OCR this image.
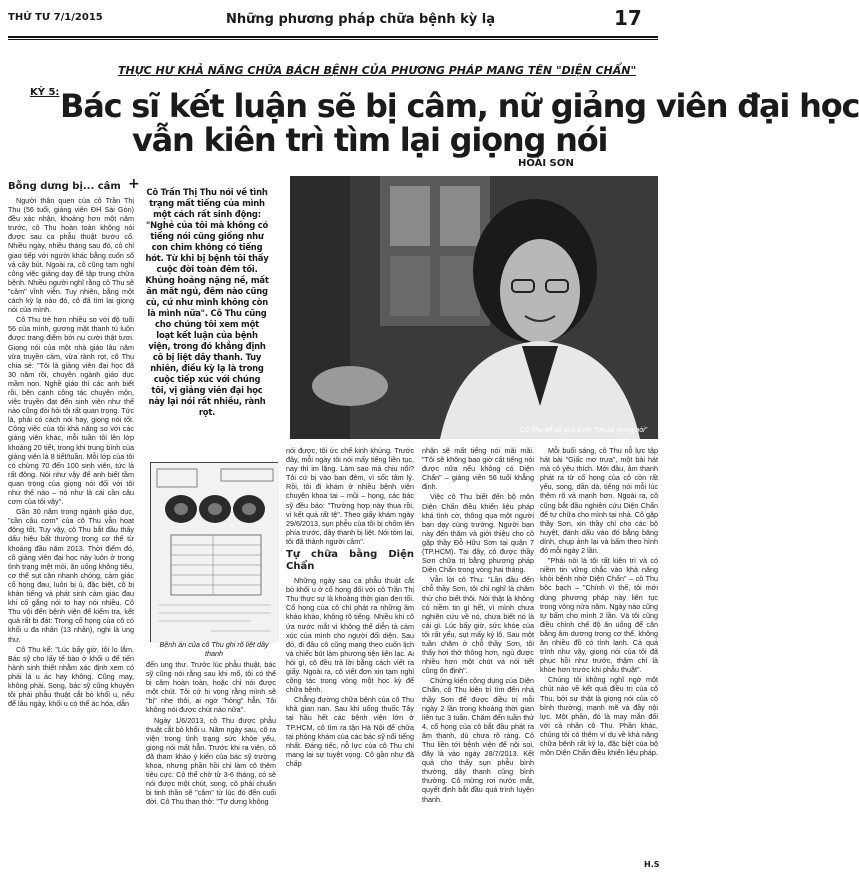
THỨ TƯ 7/1/2015	Những phương pháp chữa bệnh kỳ lạ	17
THỰC HƯ KHẢ NĂNG CHỮA BÁCH BỆNH CỦA PHƯƠNG PHÁP MANG TÊN "DIỆN CHẨN"
KỲ 5: Bác sĩ kết luận sẽ bị câm, nữ giảng viên đại học
vẫn kiên trì tìm lại giọng nói
HOÀI SƠN
Bỗng dưng bị... câm

Người thân quen của cô Trần Thị Thu (56 tuổi, giảng viên ĐH Sài Gòn) đều xác nhận, khoảng hơn một năm trước, cô Thu hoàn toàn không nói được sau ca phẫu thuật bướu cổ. Nhiều ngày, nhiều tháng sau đó, cô chỉ giao tiếp với người khác bằng cuốn sổ và cây bút. Ngoài ra, cô cũng tạm nghỉ công việc giảng dạy để tập trung chữa bệnh. Nhiều người nghĩ rằng cô Thu sẽ "câm" vĩnh viễn. Tuy nhiên, bằng một cách kỳ lạ nào đó, cô đã tìm lại giọng nói của mình.

Cô Thu trẻ hơn nhiều so với độ tuổi 56 của mình, gương mặt thanh tú luôn được trang điểm bởi nụ cười thật tươi. Giọng nói của một nhà giáo lâu năm vừa truyền cảm, vừa rành rọt, cô Thu chia sẻ: "Tôi là giảng viên đại học đã 30 năm rồi, chuyên ngành giáo dục mầm non. Nghề giáo thì các anh biết rồi, bên cạnh công tác chuyên môn, việc truyền đạt đến sinh viên như thế nào cũng đòi hỏi tôi rất quan trọng. Tức là, phải có cách nói hay, giọng nói tốt. Công việc của tôi khả năng so với các giảng viên khác, mỗi tuần tôi lên lớp khoảng 20 tiết, trong khi trung bình của giảng viên là 8 tiết/tuần. Mỗi lớp của tôi có chừng 70 đến 100 sinh viên, tức là rất đông. Nói như vậy để anh biết tầm quan trọng của giọng nói đối với tôi như thế nào – nó như là cái cần câu cơm của tôi vậy".

Gần 30 năm trong ngành giáo dục, "cần câu cơm" của cô Thu vẫn hoạt động tốt. Tuy vậy, cô Thu bắt đầu thấy dấu hiệu bất thường trong cơ thể từ khoảng đầu năm 2013. Thời điểm đó, cô giảng viên đại học này luôn ở trong tình trạng mệt mỏi, ăn uống không tiêu, cơ thể sụt cân nhanh chóng, cảm giác cổ họng đau, luôn bị ù, đặc biệt, cô bị khàn tiếng và phát sinh cảm giác đau khi cố gắng nói to hay nói nhiều. Cô Thu vội đến bệnh viện để kiểm tra, kết quả rất bi đát: Trong cổ họng của cô có khối u đa nhân (13 nhân), nghi là ung thư.

Cô Thu kể: "Lúc bấy giờ, tôi lo lắm. Bác sỹ cho lấy tế bào ở khối u để tiến hành sinh thiết nhằm xác định xem có phải là u ác hay không. Cũng may, không phải. Song, bác sỹ cũng khuyên tôi phải phẫu thuật cắt bỏ khối u, nếu để lâu ngày, khối u có thể ác hóa, dẫn

+ Cô Trần Thị Thu nói về tình trạng mất tiếng của mình một cách rất sinh động: "Nghẻ của tôi mà không có tiếng nói cũng giống như con chim không có tiếng hót. Từ khi bị bệnh tôi thấy cuộc đời toàn đêm tối. Khủng hoảng nặng nề, mất ăn mất ngủ, đêm nào cũng cù, cứ như mình không còn là mình nữa". Cô Thu cũng cho chúng tôi xem một loạt kết luận của bệnh viện, trong đó khẳng định cô bị liệt dây thanh. Tuy nhiên, điều kỳ lạ là trong cuộc tiếp xúc với chúng tôi, vị giảng viên đại học này lại nói rất nhiều, rành rọt.
Cô Thu kể về quá trình "tìm lại giọng nói"
Bệnh án của cô Thu ghi rõ liệt dây thanh

đến ung thư. Trước lúc phẫu thuật, bác sỹ cũng nói rằng sau khi mổ, tôi có thể bị câm hoàn toàn, hoặc chỉ nói được một chút. Tôi cứ hi vọng rằng mình sẽ "bị" nhẹ thôi, ai ngờ "hỏng" hẳn. Tôi không nói được chút nào nữa".

Ngày 1/6/2013, cô Thu được phẫu thuật cắt bỏ khối u. Năm ngày sau, cô ra viện trong tình trạng sức khỏe yếu, giọng nói mất hẳn. Trước khi ra viện, cô đã tham khảo ý kiến của bác sỹ trường khoa, nhưng phần hồi chỉ làm cô thêm tiêu cực: Cô thể chờ từ 3-6 tháng, có sẽ nói được một chút, song, cô phải chuẩn bị tinh thần sẽ "câm" từ lúc đó đến cuối đời. Cô Thu than thở: "Tự dưng không

nói được, tôi ức chế kinh khủng. Trước đây, mỗi ngày tôi nói mấy tiếng liền tục, nay thì im lặng. Làm sao mà chịu nổi? Tôi cứ bị vào ban đêm, vì sốc tâm lý. Rồi, tôi đi khám ở nhiều bệnh viện chuyên khoa tai – mũi – họng, các bác sỹ đều bảo: "Trường hợp này thua rồi, vì kết quả rất tệ". Theo giấy khám ngày 29/6/2013, sụn phễu của tôi bị chốm lên phía trước, dây thanh bị liệt. Nói tóm lại, tôi đã thành người câm".

Tự chữa bằng Diện Chẩn

Những ngày sau ca phẫu thuật cắt bỏ khối u ở cổ họng đối với cô Trần Thị Thu thực sự là khoảng thời gian đen tối. Cổ họng của cô chỉ phát ra những âm khào khào, không rõ tiếng. Nhiều khi cô ứa nước mắt vì không thể diễn tả cảm xúc của mình cho người đối diện. Sau đó, đi đâu cô cũng mang theo cuốn lịch và chiếc bút làm phương tiện liên lạc. Ai hỏi gì, cô đều trả lời bằng cách viết ra giấy. Ngoài ra, cô viết đơn xin tạm nghỉ công tác trong vòng một học kỳ để chữa bệnh.

Chẳng đường chữa bệnh của cô Thu khá gian nan. Sau khi uống thuốc Tây tại hầu hết các bệnh viện lớn ở TP.HCM, cô tìm ra tận Hà Nội để chữa tại phòng khám của các bác sỹ nổi tiếng nhất. Đáng tiếc, nỗ lực của cô Thu chỉ mang lại sự tuyệt vọng. Cô gần như đã chấp

nhận sẽ mất tiếng nói mãi mãi. "Tôi sẽ không bao giờ cất tiếng nói được nữa nếu không có Diện Chẩn" – giảng viên 56 tuổi khẳng định.

Việc cô Thu biết đến bộ môn Diện Chẩn điều khiển liệu pháp khá tình cờ, thông qua một người bạn dạy cùng trường. Người bạn này đến thăm và giới thiệu cho cô gặp thầy Đỗ Hữu Sơn tại quận 7 (TP.HCM). Tại đây, cô được thầy Sơn chữa trị bằng phương pháp Diện Chẩn trong vòng hai tháng.

Vẫn lời cô Thu: "Lần đầu đến chỗ thầy Sơn, tôi chỉ nghĩ là chăm thử cho biết thôi. Nói thật là không có niềm tin gì hết, vì mình chưa nghiên cứu về nó, chưa biết nó là cái gì. Lúc bấy giờ, sức khỏe của tôi rất yếu, sụt mấy ký lô. Sau một tuần chăm ở chỗ thầy Sơn, tôi thấy hơi thở thông hơn, ngủ được nhiều hơn một chút và nói tiết cũng ổn định".

Chứng kiến công dụng của Diện Chẩn, cô Thu kiên trì tìm đến nhà thầy Sơn để được điều trị mỗi ngày 2 lần trong khoảng thời gian liên tục 3 tuần. Chăm đến tuần thứ 4, cổ họng của cô bắt đầu phát ra âm thanh, dù chưa rõ ràng. Cô Thu liền tới bệnh viện để nội soi, đây là vào ngày 28/7/2013. Kết quả cho thấy sụn phễu bình thường, dây thanh cũng bình thường. Cô mừng rơi nước mắt, quyết định bắt đầu quá trình luyện thanh.

Mỗi buổi sáng, cô Thu nỗ lực tập hát bài "Giấc mơ trưa", một bài hát mà cô yêu thích. Mới đầu, âm thanh phát ra từ cổ họng của cô còn rất yếu, song, dần dà, tiếng nói mỗi lúc thêm rõ và mạnh hơn. Ngoài ra, cô cũng bắt đầu nghiên cứu Diện Chẩn để tự chữa cho mình tại nhà. Cô gặp thầy Sơn, xin thầy chỉ cho các bộ huyệt, đánh dấu vào đó bằng băng dính, chụp ảnh lại và bấm theo hình đó mỗi ngày 2 lần.

"Phải nói là tôi rất kiên trì và có niềm tin vững chắc vào khả năng khỏi bệnh nhờ Diện Chẩn" – cô Thu bộc bạch – "Chính vì thế, tôi mới dùng phương pháp này liên tục trong vòng nửa năm. Ngày nào cũng tự bấm cho mình 2 lần. Và tôi cũng điều chỉnh chế độ ăn uống để cân bằng âm dương trong cơ thể, không ăn nhiều đồ có tính lạnh. Cả quá trình như vậy, giọng nói của tôi đã phục hồi như trước, thậm chí là khỏe hơn trước khi phẫu thuật".

Chúng tôi không nghĩ ngờ một chút nào về kết quả điều trị của cô Thu, bởi sự thật là giọng nói của cô bình thường, mạnh mẽ và đầy nội lực. Một phần, đó là may mắn đối với cá nhân cô Thu. Phần khác, chúng tôi có thêm ví dụ về khả năng chữa bệnh rất kỳ lạ, đặc biệt của bộ môn Diện Chẩn điều khiển liệu pháp.

H.S
